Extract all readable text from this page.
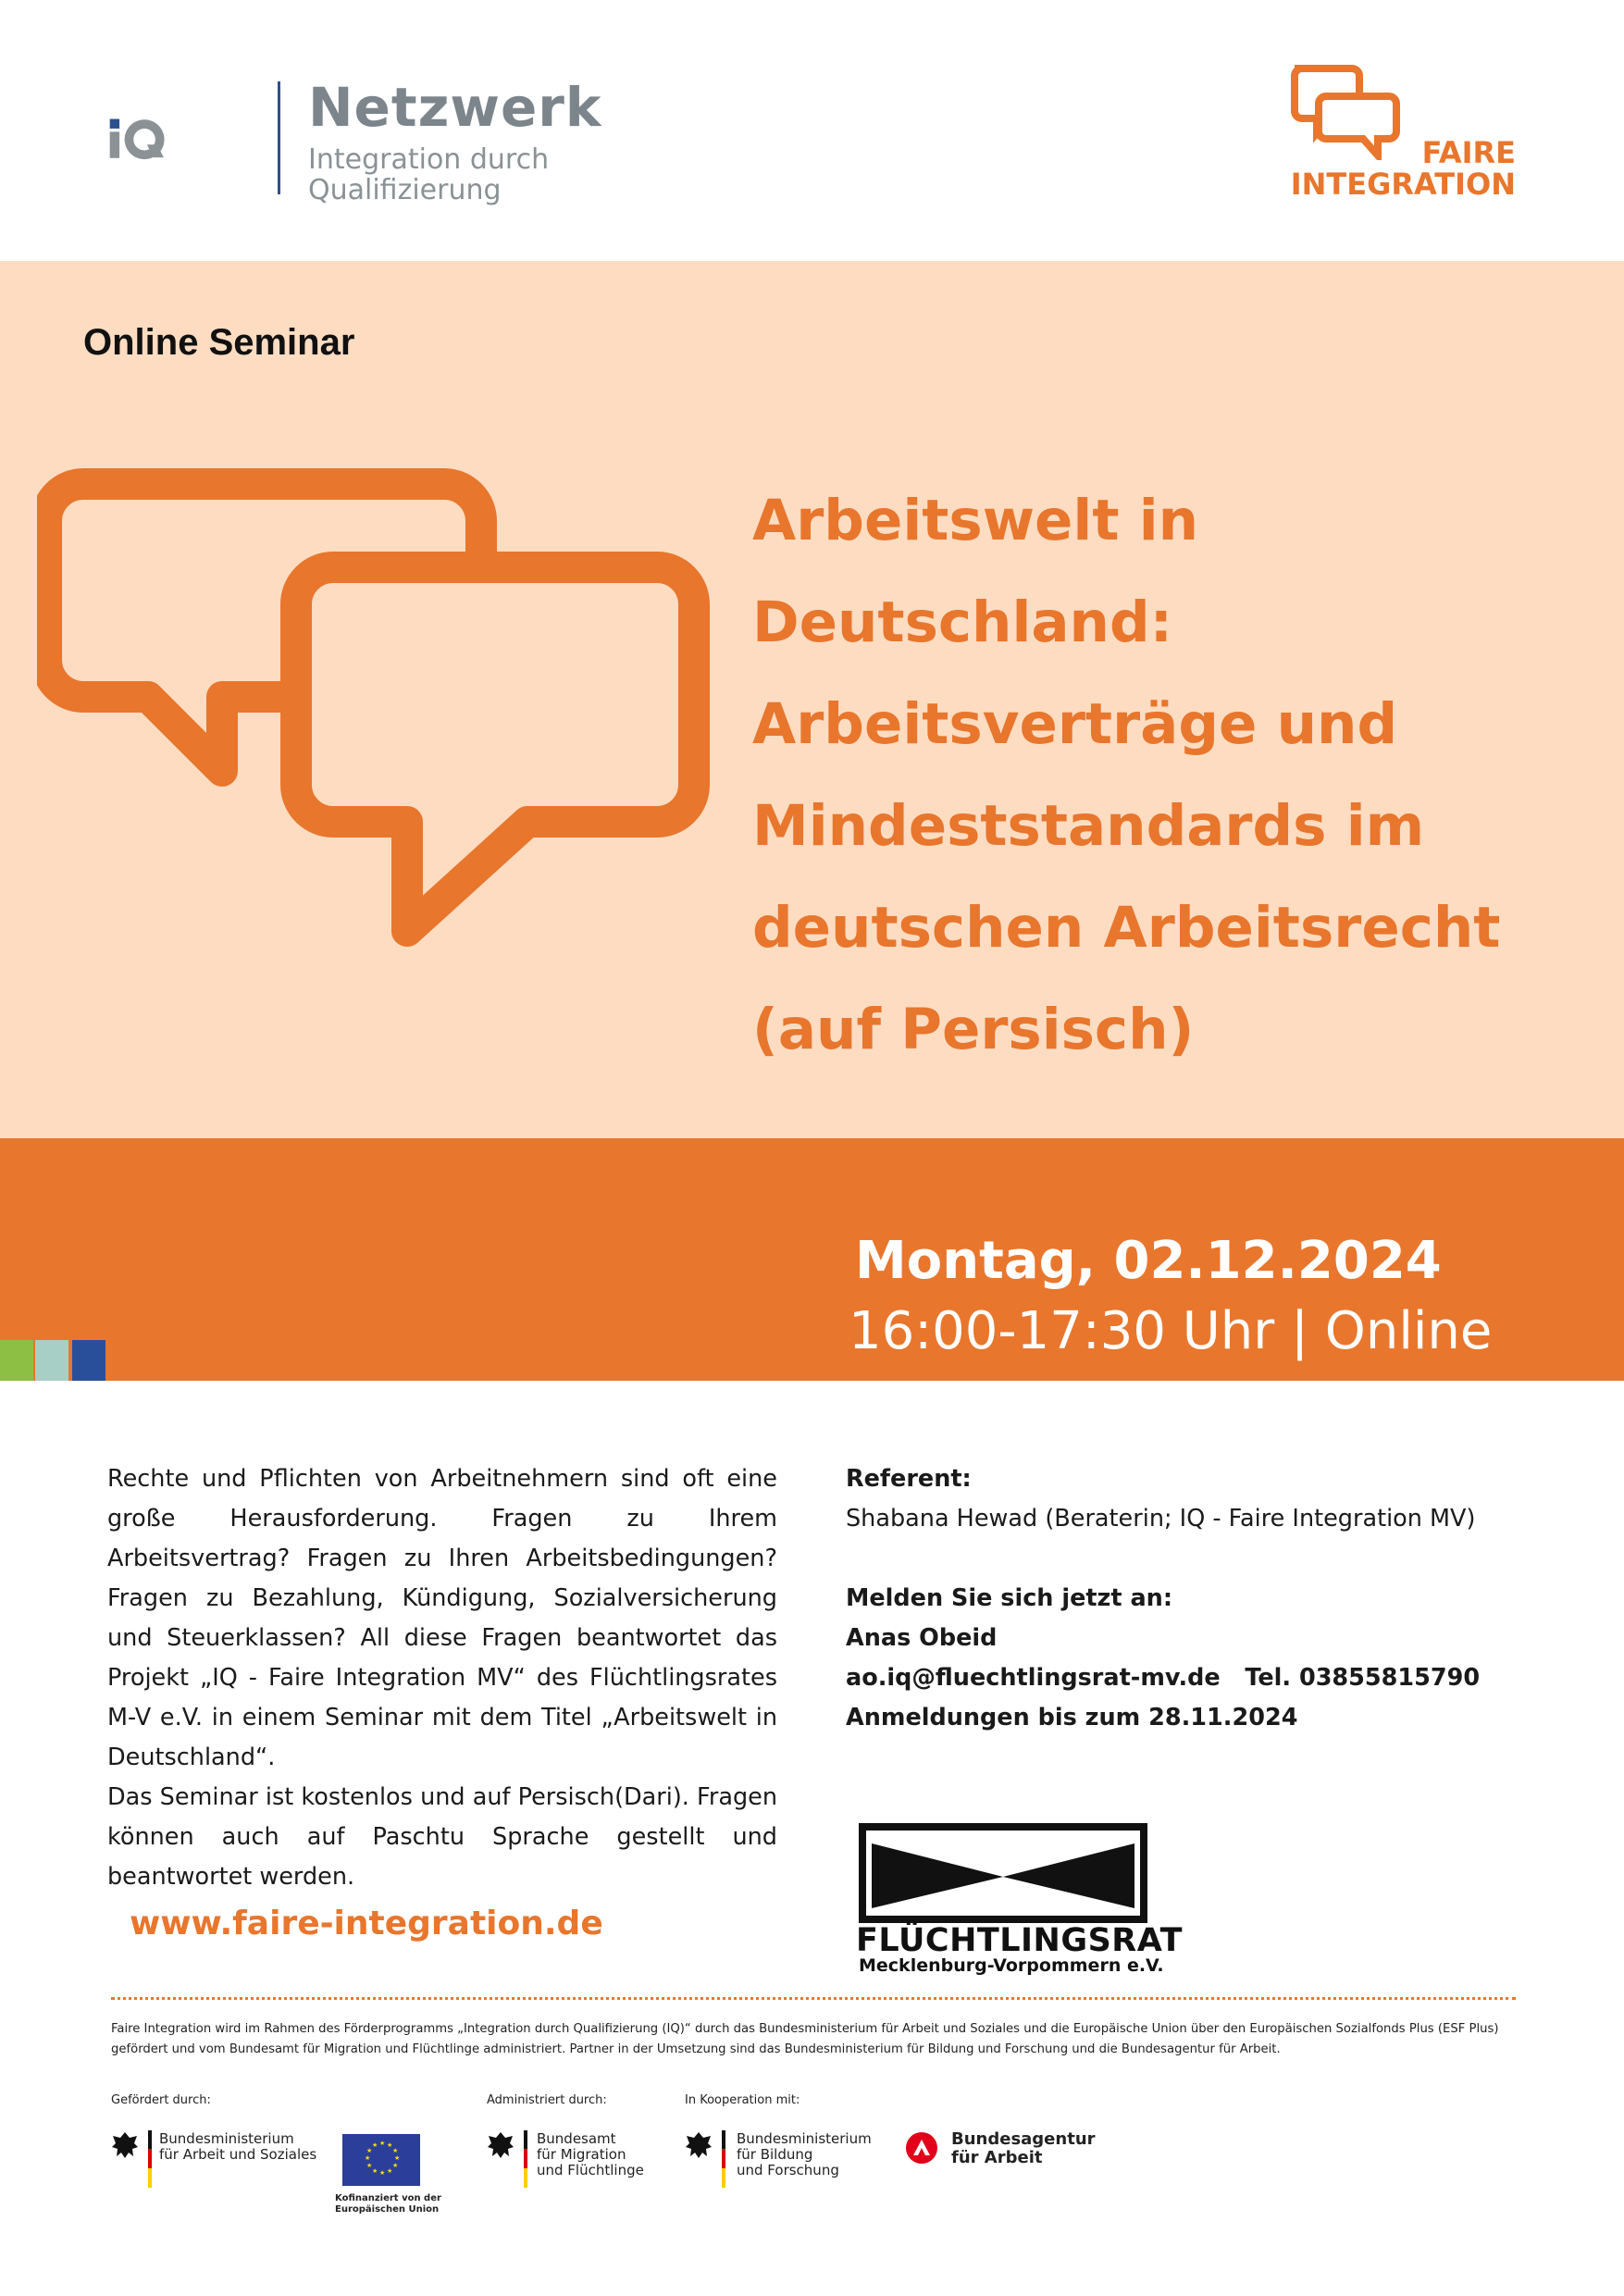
Netzwerk
Integration durch
Qualifizierung
FAIRE
INTEGRATION
Online Seminar
Arbeitswelt in Deutschland: Arbeitsverträge und Mindeststandards im deutschen Arbeitsrecht (auf Persisch)
Montag, 02.12.2024
16:00-17:30 Uhr | Online

Rechte und Pflichten von Arbeitnehmern sind oft eine große Herausforderung. Fragen zu Ihrem Arbeitsvertrag? Fragen zu Ihren Arbeitsbedingungen? Fragen zu Bezahlung, Kündigung, Sozialversicherung und Steuerklassen? All diese Fragen beantwortet das Projekt „IQ - Faire Integration MV“ des Flüchtlingsrates M-V e.V. in einem Seminar mit dem Titel „Arbeitswelt in Deutschland“.

Das Seminar ist kostenlos und auf Persisch(Dari). Fragen können auch auf Paschtu Sprache gestellt und beantwortet werden.

www.faire-integration.de
Referent:
Shabana Hewad (Beraterin; IQ - Faire Integration MV)
Melden Sie sich jetzt an:
Anas Obeid
ao.iq@fluechtlingsrat-mv.de Tel. 03855815790
Anmeldungen bis zum 28.11.2024
FLÜCHTLINGSRAT
Mecklenburg-Vorpommern e.V.
Faire Integration wird im Rahmen des Förderprogramms „Integration durch Qualifizierung (IQ)“ durch das Bundesministerium für Arbeit und Soziales und die Europäische Union über den Europäischen Sozialfonds Plus (ESF Plus) gefördert und vom Bundesamt für Migration und Flüchtlinge administriert. Partner in der Umsetzung sind das Bundesministerium für Bildung und Forschung und die Bundesagentur für Arbeit.
Gefördert durch:	Administriert durch:	In Kooperation mit:
Bundesministerium
für Arbeit und Soziales
★ ★
★
★
★
★
★
★
★
★
★
★
Kofinanziert von der
Europäischen Union
Bundesamt
für Migration
und Flüchtlinge
Bundesministerium
für Bildung
und Forschung
Bundesagentur
für Arbeit
